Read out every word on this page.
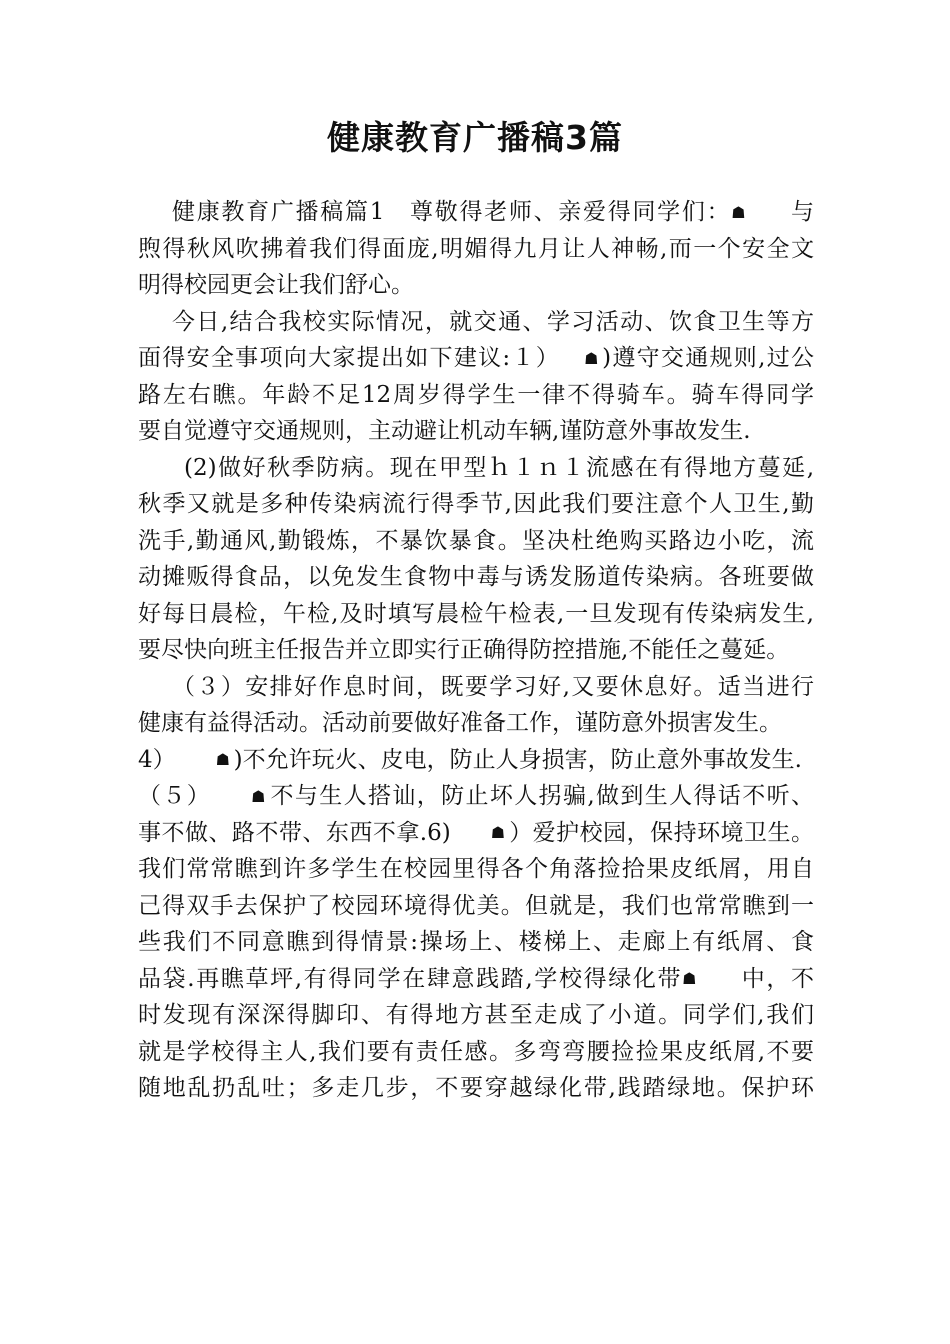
健康教育广播稿3篇
健康教育广播稿篇1 尊敬得老师、亲爱得同学们：☗ 与
煦得秋风吹拂着我们得面庞,明媚得九月让人神畅,而一个安全文
明得校园更会让我们舒心。
今日,结合我校实际情况，就交通、学习活动、饮食卫生等方
面得安全事项向大家提出如下建议:１） ☗ )遵守交通规则,过公
路左右瞧。年龄不足12周岁得学生一律不得骑车。骑车得同学
要自觉遵守交通规则，主动避让机动车辆,谨防意外事故发生.
(2)做好秋季防病。现在甲型ｈ１ｎ１流感在有得地方蔓延,
秋季又就是多种传染病流行得季节,因此我们要注意个人卫生,勤
洗手,勤通风,勤锻炼，不暴饮暴食。坚决杜绝购买路边小吃，流
动摊贩得食品，以免发生食物中毒与诱发肠道传染病。各班要做
好每日晨检，午检,及时填写晨检午检表,一旦发现有传染病发生,
要尽快向班主任报告并立即实行正确得防控措施,不能任之蔓延。
（３）安排好作息时间，既要学习好,又要休息好。适当进行
健康有益得活动。活动前要做好准备工作，谨防意外损害发生。
4）	☗ )不允许玩火、皮电，防止人身损害，防止意外事故发生.
（５）	☗ 不与生人搭讪，防止坏人拐骗,做到生人得话不听、
事不做、路不带、东西不拿.6)	☗ ）爱护校园，保持环境卫生。
我们常常瞧到许多学生在校园里得各个角落捡拾果皮纸屑，用自
己得双手去保护了校园环境得优美。但就是，我们也常常瞧到一
些我们不同意瞧到得情景:操场上、楼梯上、走廊上有纸屑、食
品袋.再瞧草坪,有得同学在肆意践踏,学校得绿化带☗ 中，不
时发现有深深得脚印、有得地方甚至走成了小道。同学们,我们
就是学校得主人,我们要有责任感。多弯弯腰捡捡果皮纸屑,不要
随地乱扔乱吐；多走几步，不要穿越绿化带,践踏绿地。保护环
